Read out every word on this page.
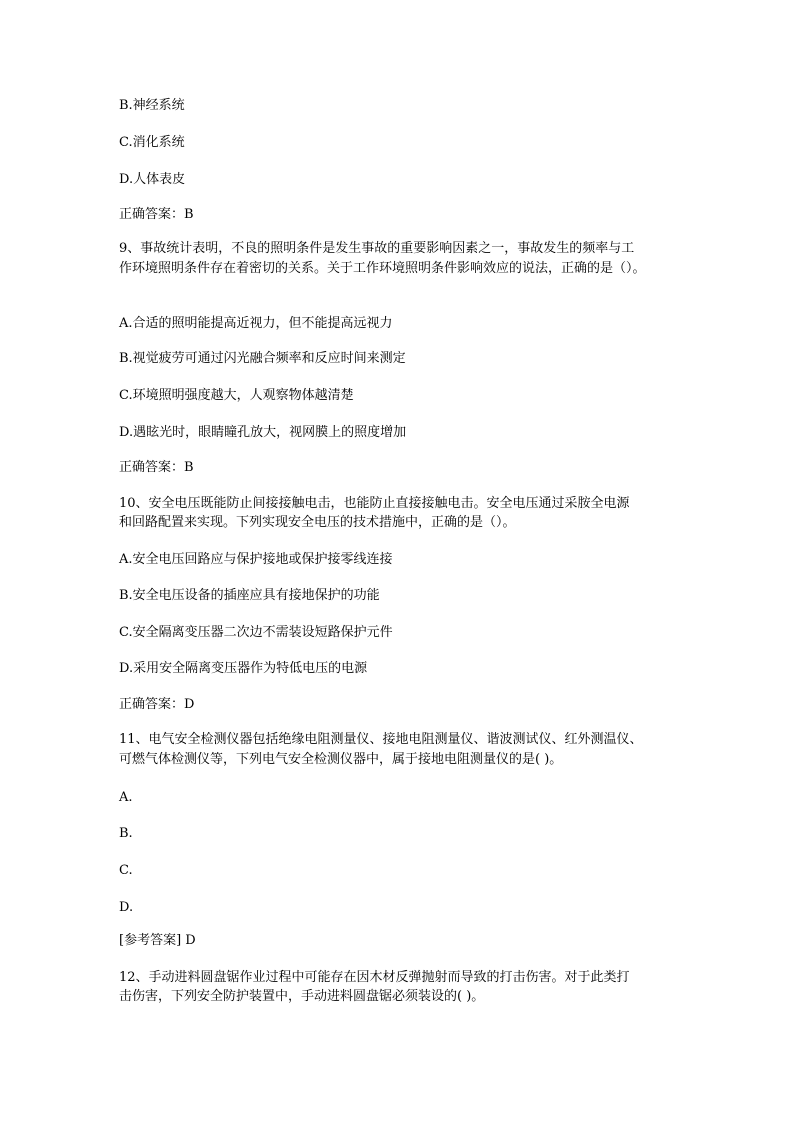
B.神经系统
C.消化系统
D.人体表皮
正确答案：B
9、事故统计表明，不良的照明条件是发生事故的重要影响因素之一，事故发生的频率与工
作环境照明条件存在着密切的关系。关于工作环境照明条件影响效应的说法，正确的是（）。
A.合适的照明能提高近视力，但不能提高远视力
B.视觉疲劳可通过闪光融合频率和反应时间来测定
C.环境照明强度越大，人观察物体越清楚
D.遇眩光时，眼睛瞳孔放大，视网膜上的照度增加
正确答案：B
10、安全电压既能防止间接接触电击，也能防止直接接触电击。安全电压通过采胺全电源
和回路配置来实现。下列实现安全电压的技术措施中，正确的是（）。
A.安全电压回路应与保护接地或保护接零线连接
B.安全电压设备的插座应具有接地保护的功能
C.安全隔离变压器二次边不需装设短路保护元件
D.采用安全隔离变压器作为特低电压的电源
正确答案：D
11、电气安全检测仪器包括绝缘电阻测量仪、接地电阻测量仪、谐波测试仪、红外测温仪、
可燃气体检测仪等，下列电气安全检测仪器中，属于接地电阻测量仪的是( )。
A.
B.
C.
D.
[参考答案] D
12、手动进料圆盘锯作业过程中可能存在因木材反弹抛射而导致的打击伤害。对于此类打
击伤害，下列安全防护装置中，手动进料圆盘锯必须装设的( )。
